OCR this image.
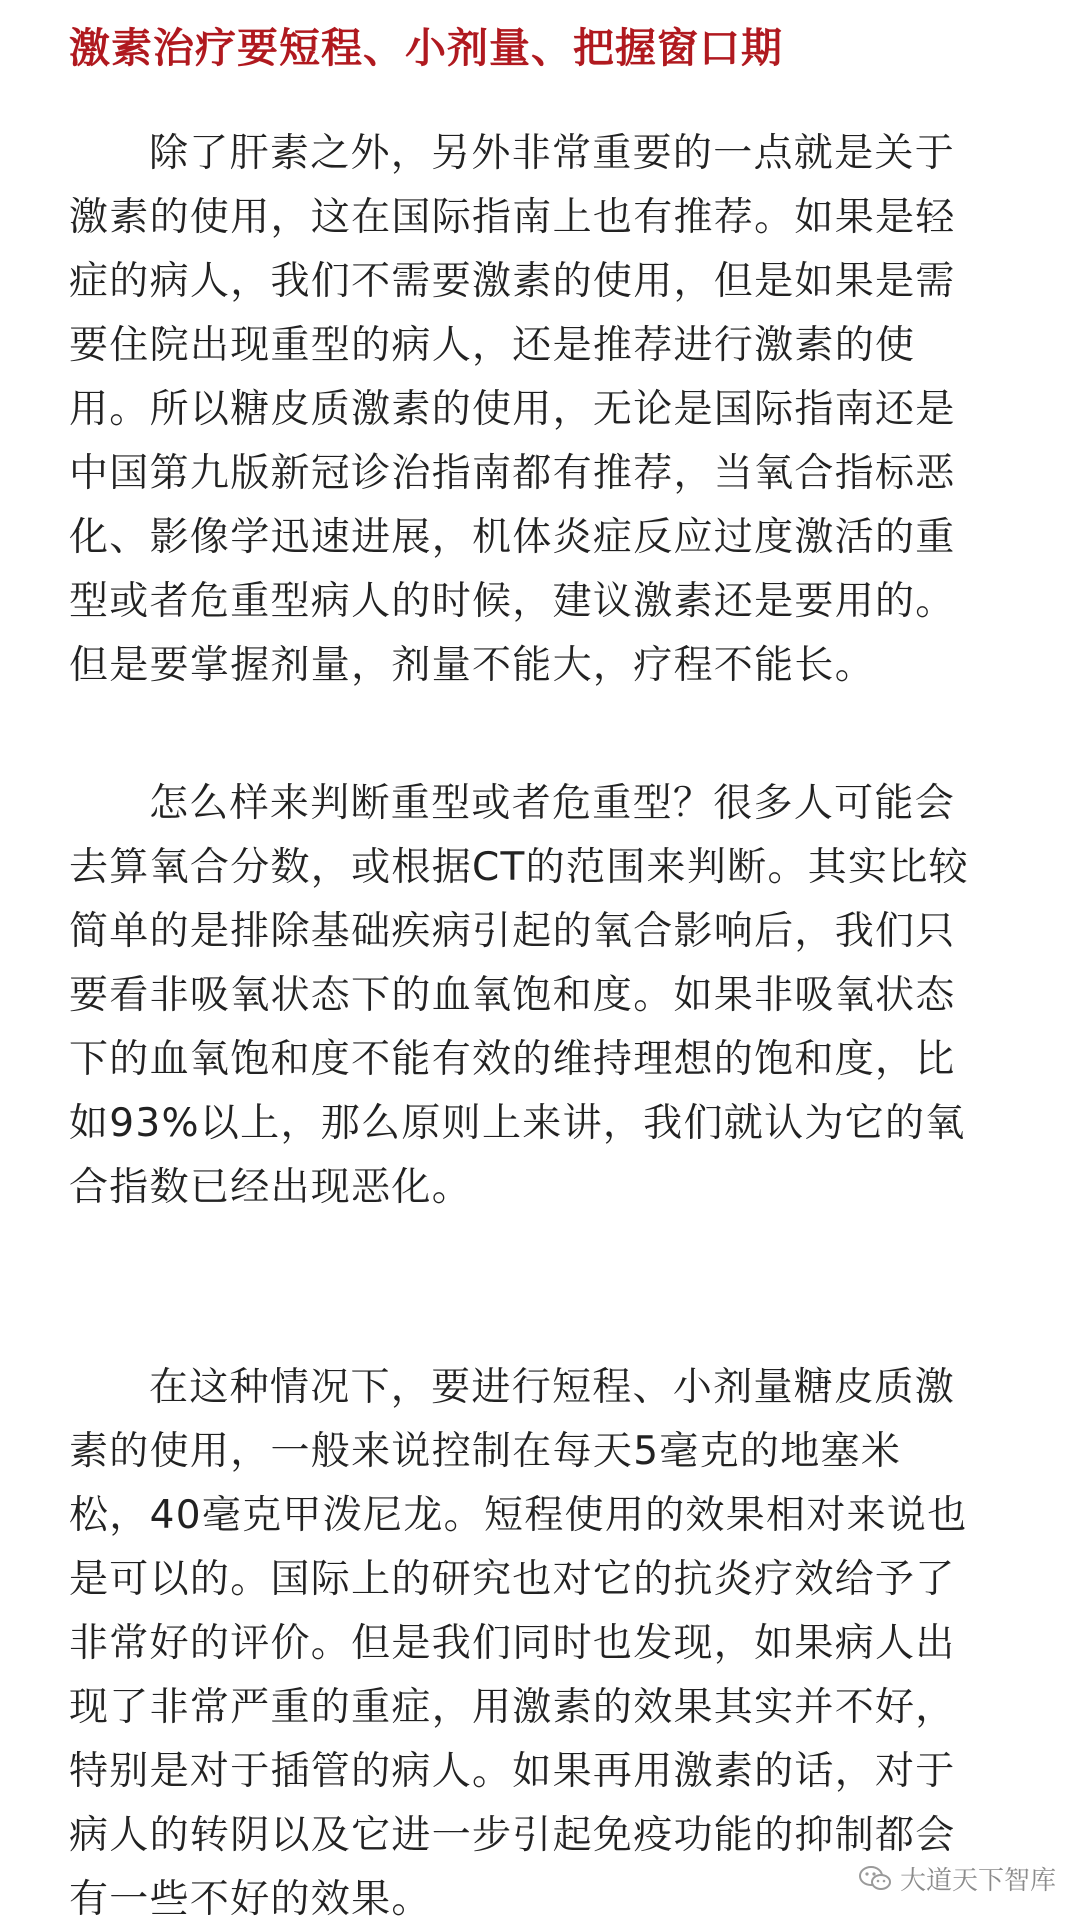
激素治疗要短程、小剂量、把握窗口期
除了肝素之外，另外非常重要的一点就是关于
激素的使用，这在国际指南上也有推荐。如果是轻
症的病人，我们不需要激素的使用，但是如果是需
要住院出现重型的病人，还是推荐进行激素的使
用。所以糖皮质激素的使用，无论是国际指南还是
中国第九版新冠诊治指南都有推荐，当氧合指标恶
化、影像学迅速进展，机体炎症反应过度激活的重
型或者危重型病人的时候，建议激素还是要用的。
但是要掌握剂量，剂量不能大，疗程不能长。
怎么样来判断重型或者危重型？很多人可能会
去算氧合分数，或根据CT的范围来判断。其实比较
简单的是排除基础疾病引起的氧合影响后，我们只
要看非吸氧状态下的血氧饱和度。如果非吸氧状态
下的血氧饱和度不能有效的维持理想的饱和度，比
如93%以上，那么原则上来讲，我们就认为它的氧
合指数已经出现恶化。
在这种情况下，要进行短程、小剂量糖皮质激
素的使用，一般来说控制在每天5毫克的地塞米
松，40毫克甲泼尼龙。短程使用的效果相对来说也
是可以的。国际上的研究也对它的抗炎疗效给予了
非常好的评价。但是我们同时也发现，如果病人出
现了非常严重的重症，用激素的效果其实并不好，
特别是对于插管的病人。如果再用激素的话，对于
病人的转阴以及它进一步引起免疫功能的抑制都会
有一些不好的效果。	大道天下智库
